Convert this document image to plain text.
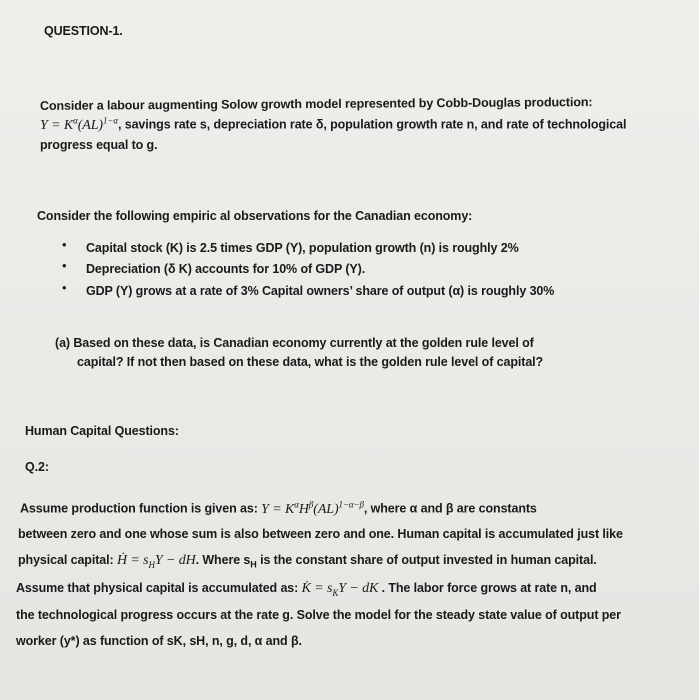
QUESTION-1.
Consider a labour augmenting Solow growth model represented by Cobb-Douglas production:
$Y = K^\alpha(AL)^{1-\alpha}$, savings rate s, depreciation rate δ, population growth rate n, and rate of technological
progress equal to g.
Consider the following empiric al observations for the Canadian economy:
• Capital stock (K) is 2.5 times GDP (Y), population growth (n) is roughly 2%
• Depreciation (δ K) accounts for 10% of GDP (Y).
• GDP (Y) grows at a rate of 3% Capital owners’ share of output (α) is roughly 30%
(a) Based on these data, is Canadian economy currently at the golden rule level of
capital? If not then based on these data, what is the golden rule level of capital?
Human Capital Questions:
Q.2:
Assume production function is given as: $Y = K^\alpha H^\beta(AL)^{1-\alpha-\beta}$, where α and β are constants
between zero and one whose sum is also between zero and one. Human capital is accumulated just like
physical capital: Ḣ = $s_HY$ − dH. Where $s_H$ is the constant share of output invested in human capital.
Assume that physical capital is accumulated as: K̇ = $s_KY$ − dK . The labor force grows at rate n, and
the technological progress occurs at the rate g. Solve the model for the steady state value of output per
worker (y*) as function of sK, sH, n, g, d, α and β.
